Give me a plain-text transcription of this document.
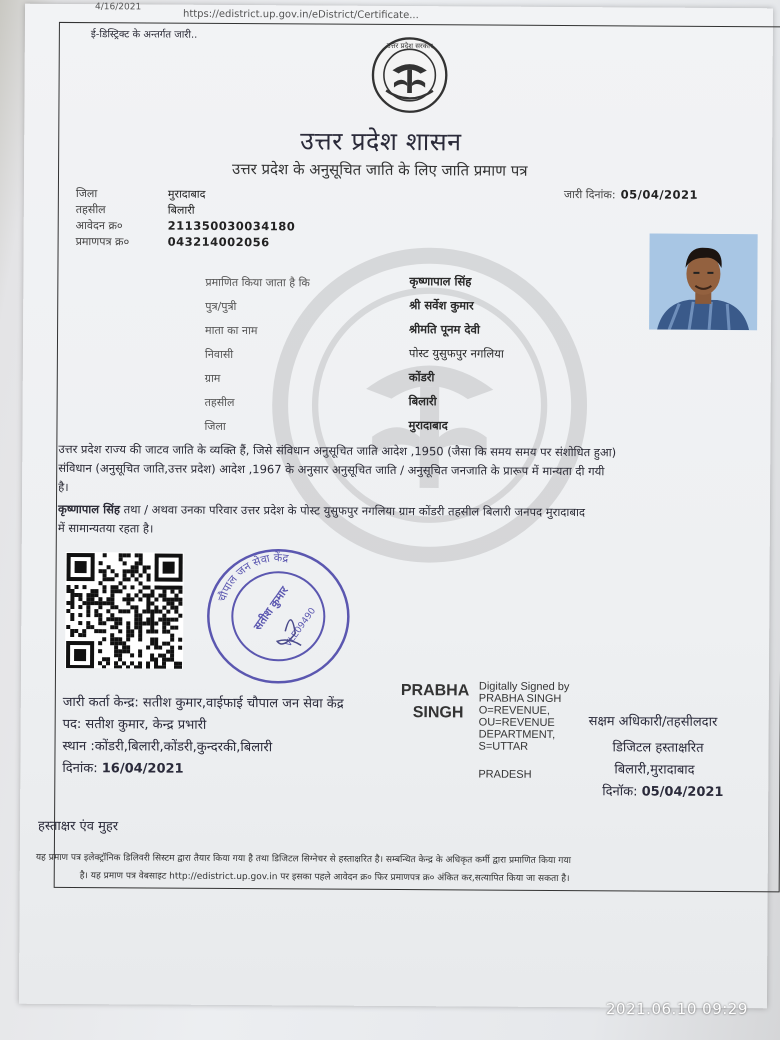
4/16/2021
https://edistrict.up.gov.in/eDistrict/Certificate...
ई-डिस्ट्रिक्ट के अन्तर्गत जारी..
उत्तर प्रदेश सरकार
उत्तर प्रदेश शासन
उत्तर प्रदेश के अनुसूचित जाति के लिए जाति प्रमाण पत्र
जारी दिनांक: 05/04/2021
जिला	मुरादाबाद
तहसील	बिलारी
आवेदन क्र०	211350030034180
प्रमाणपत्र क्र०	043214002056
प्रमाणित किया जाता है कि	कृष्णापाल सिंह
पुत्र/पुत्री	श्री सर्वेश कुमार
माता का नाम	श्रीमति पूनम देवी
निवासी	पोस्ट युसुफपुर नगलिया
ग्राम	कोंडरी
तहसील	बिलारी
जिला	मुरादाबाद
उत्तर प्रदेश राज्य की जाटव जाति के व्यक्ति हैं, जिसे संविधान अनुसूचित जाति आदेश ,1950 (जैसा कि समय समय पर संशोधित हुआ)
संविधान (अनुसूचित जाति,उत्तर प्रदेश) आदेश ,1967 के अनुसार अनुसूचित जाति / अनुसूचित जनजाति के प्रारूप में मान्यता दी गयी
है।
कृष्णापाल सिंह तथा / अथवा उनका परिवार उत्तर प्रदेश के पोस्ट युसुफपुर नगलिया ग्राम कोंडरी तहसील बिलारी जनपद मुरादाबाद
में सामान्यतया रहता है।
चौपाल जन सेवा केंद्र
सतीश कुमार
VLE09490
जारी कर्ता केन्द्र: सतीश कुमार,वाईफाई चौपाल जन सेवा केंद्र
पद: सतीश कुमार, केन्द्र प्रभारी
स्थान :कोंडरी,बिलारी,कोंडरी,कुन्दरकी,बिलारी
दिनांक: 16/04/2021
PRABHA
SINGH
Digitally Signed by
PRABHA SINGH
O=REVENUE,
OU=REVENUE
DEPARTMENT,
S=UTTAR
PRADESH
सक्षम अधिकारी/तहसीलदार
डिजिटल हस्ताक्षरित
बिलारी,मुरादाबाद
दिनॉक: 05/04/2021
हस्ताक्षर एंव मुहर
यह प्रमाण पत्र इलेक्ट्रॉनिक डिलिवरी सिस्टम द्वारा तैयार किया गया है तथा डिजिटल सिग्नेचर से हस्ताक्षरित है। सम्बन्धित केन्द्र के अधिकृत कर्मी द्वारा प्रमाणित किया गया
है। यह प्रमाण पत्र वेबसाइट http://edistrict.up.gov.in पर इसका पहले आवेदन क्र० फिर प्रमाणपत्र क्र० अंकित कर,सत्यापित किया जा सकता है।
2021.06.10 09:29
